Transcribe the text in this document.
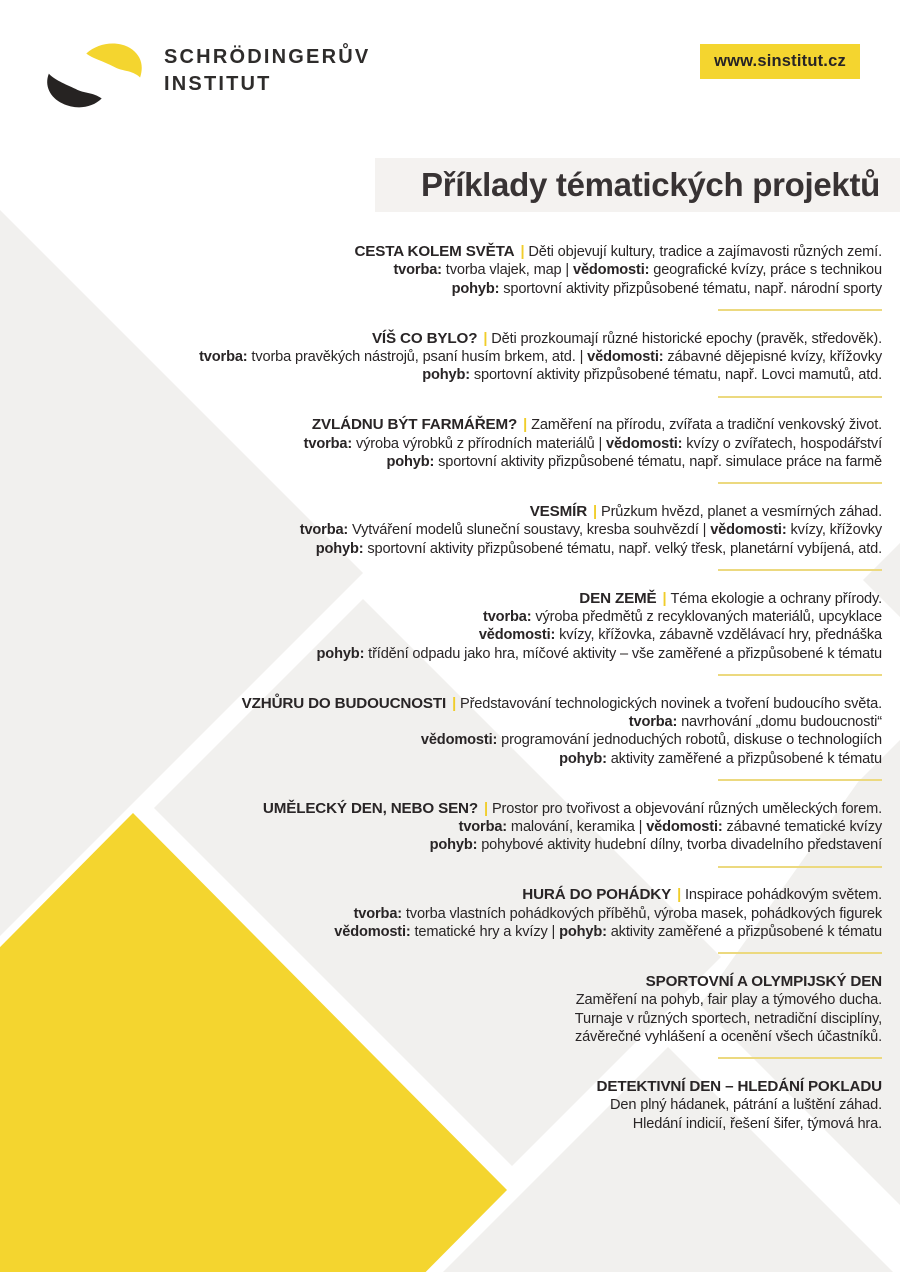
SCHRÖDINGERŮV
INSTITUT
www.sinstitut.cz
Příklady tématických projektů
CESTA KOLEM SVĚTA | Děti objevují kultury, tradice a zajímavosti různých zemí.
tvorba: tvorba vlajek, map | vědomosti: geografické kvízy, práce s technikou
pohyb: sportovní aktivity přizpůsobené tématu, např. národní sporty
VÍŠ CO BYLO? | Děti prozkoumají různé historické epochy (pravěk, středověk).
tvorba: tvorba pravěkých nástrojů, psaní husím brkem, atd. | vědomosti: zábavné dějepisné kvízy, křížovky
pohyb: sportovní aktivity přizpůsobené tématu, např. Lovci mamutů, atd.
ZVLÁDNU BÝT FARMÁŘEM? | Zaměření na přírodu, zvířata a tradiční venkovský život.
tvorba: výroba výrobků z přírodních materiálů | vědomosti: kvízy o zvířatech, hospodářství
pohyb: sportovní aktivity přizpůsobené tématu, např. simulace práce na farmě
VESMÍR | Průzkum hvězd, planet a vesmírných záhad.
tvorba: Vytváření modelů sluneční soustavy, kresba souhvězdí | vědomosti: kvízy, křížovky
pohyb: sportovní aktivity přizpůsobené tématu, např. velký třesk, planetární vybíjená, atd.
DEN ZEMĚ | Téma ekologie a ochrany přírody.
tvorba: výroba předmětů z recyklovaných materiálů, upcyklace
vědomosti: kvízy, křížovka, zábavně vzdělávací hry, přednáška
pohyb: třídění odpadu jako hra, míčové aktivity – vše zaměřené a přizpůsobené k tématu
VZHŮRU DO BUDOUCNOSTI | Představování technologických novinek a tvoření budoucího světa.
tvorba: navrhování „domu budoucnosti“
vědomosti: programování jednoduchých robotů, diskuse o technologiích
pohyb: aktivity zaměřené a přizpůsobené k tématu
UMĚLECKÝ DEN, NEBO SEN? | Prostor pro tvořivost a objevování různých uměleckých forem.
tvorba: malování, keramika | vědomosti: zábavné tematické kvízy
pohyb: pohybové aktivity hudební dílny, tvorba divadelního představení
HURÁ DO POHÁDKY | Inspirace pohádkovým světem.
tvorba: tvorba vlastních pohádkových příběhů, výroba masek, pohádkových figurek
vědomosti: tematické hry a kvízy | pohyb: aktivity zaměřené a přizpůsobené k tématu
SPORTOVNÍ A OLYMPIJSKÝ DEN
Zaměření na pohyb, fair play a týmového ducha.
Turnaje v různých sportech, netradiční disciplíny,
závěrečné vyhlášení a ocenění všech účastníků.
DETEKTIVNÍ DEN – HLEDÁNÍ POKLADU
Den plný hádanek, pátrání a luštění záhad.
Hledání indicií, řešení šifer, týmová hra.
